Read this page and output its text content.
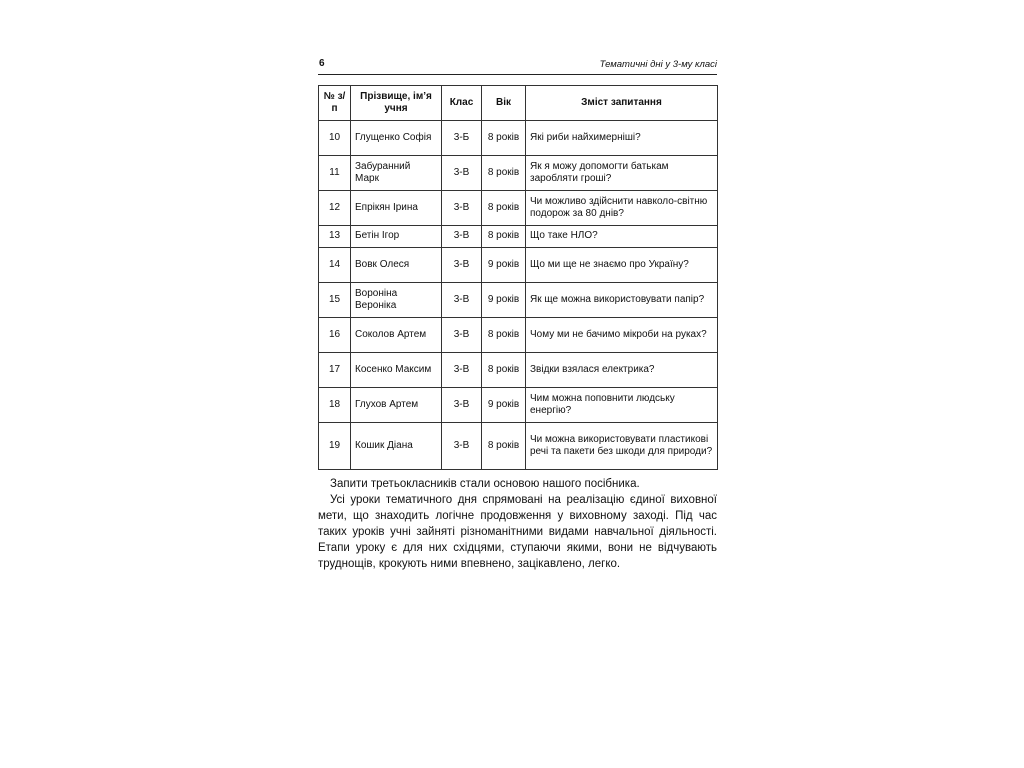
6	Тематичні дні у 3-му класі
№ з/п	Прізвище, ім’я учня	Клас	Вік	Зміст запитання
10	Глущенко Софія	3-Б	8 років	Які риби найхимерніші?
11	Забуранний Марк	3-В	8 років	Як я можу допомогти батькам заробляти гроші?
12	Епрікян Ірина	3-В	8 років	Чи можливо здійснити навколо-світню подорож за 80 днів?
13	Бетін Ігор	3-В	8 років	Що таке НЛО?
14	Вовк Олеся	3-В	9 років	Що ми ще не знаємо про Україну?
15	Вороніна Вероніка	3-В	9 років	Як ще можна використовувати папір?
16	Соколов Артем	3-В	8 років	Чому ми не бачимо мікроби на руках?
17	Косенко Максим	3-В	8 років	Звідки взялася електрика?
18	Глухов Артем	3-В	9 років	Чим можна поповнити людську енергію?
19	Кошик Діана	3-В	8 років	Чи можна використовувати пластикові речі та пакети без шкоди для природи?

Запити третьокласників стали основою нашого посібника.

Усі уроки тематичного дня спрямовані на реалізацію єдиної виховної мети, що знаходить логічне продовження у виховному заході. Під час таких уроків учні зайняті різноманітними видами навчальної діяльності. Етапи уроку є для них східцями, ступаючи якими, вони не відчувають труднощів, крокують ними впевнено, зацікавлено, легко.
